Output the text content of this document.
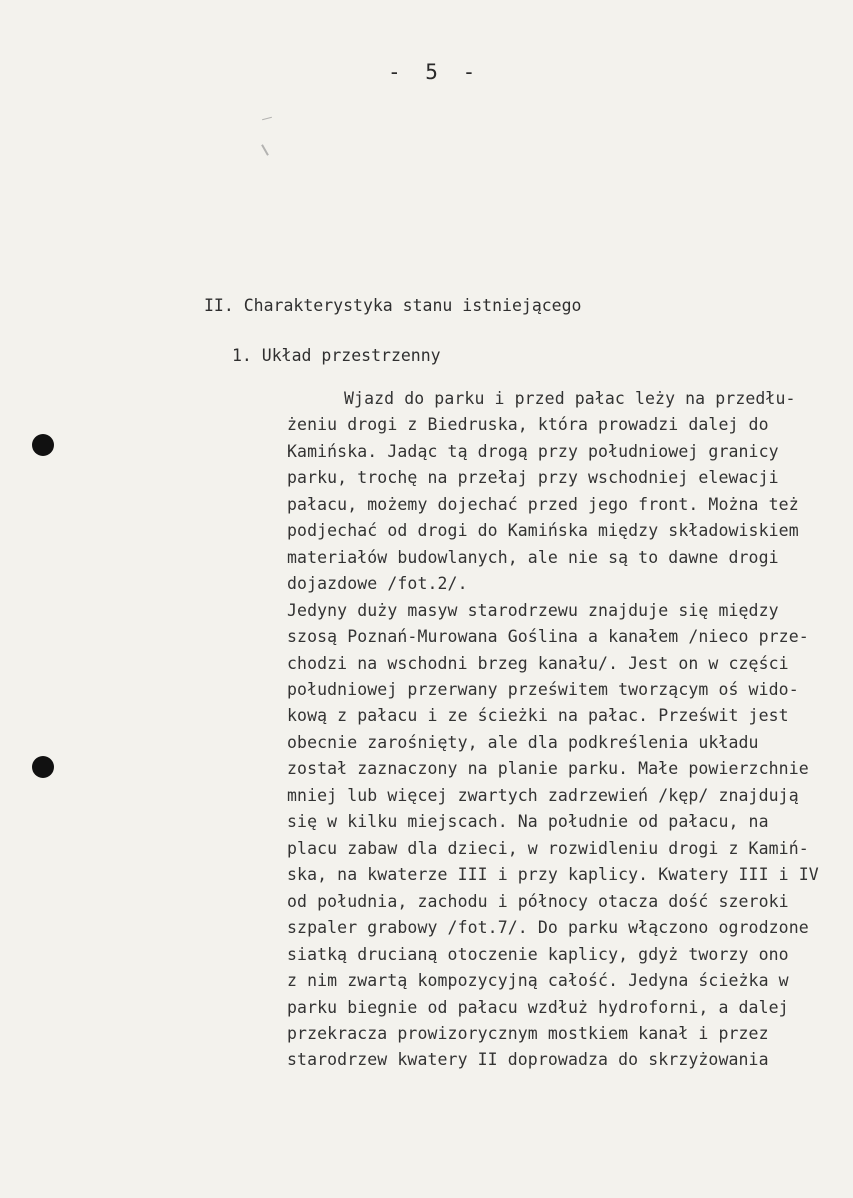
- 5 -
II. Charakterystyka stanu istniejącego
1. Układ przestrzenny
Wjazd do parku i przed pałac leży na przedłu-
żeniu drogi z Biedruska, która prowadzi dalej do
Kamińska. Jadąc tą drogą przy południowej granicy
parku, trochę na przełaj przy wschodniej elewacji
pałacu, możemy dojechać przed jego front. Można też
podjechać od drogi do Kamińska między składowiskiem
materiałów budowlanych, ale nie są to dawne drogi
dojazdowe /fot.2/.
Jedyny duży masyw starodrzewu znajduje się między
szosą Poznań-Murowana Goślina a kanałem /nieco prze-
chodzi na wschodni brzeg kanału/. Jest on w części
południowej przerwany prześwitem tworzącym oś wido-
kową z pałacu i ze ścieżki na pałac. Prześwit jest
obecnie zarośnięty, ale dla podkreślenia układu
został zaznaczony na planie parku. Małe powierzchnie
mniej lub więcej zwartych zadrzewień /kęp/ znajdują
się w kilku miejscach. Na południe od pałacu, na
placu zabaw dla dzieci, w rozwidleniu drogi z Kamiń-
ska, na kwaterze III i przy kaplicy. Kwatery III i IV
od południa, zachodu i północy otacza dość szeroki
szpaler grabowy /fot.7/. Do parku włączono ogrodzone
siatką drucianą otoczenie kaplicy, gdyż tworzy ono
z nim zwartą kompozycyjną całość. Jedyna ścieżka w
parku biegnie od pałacu wzdłuż hydroforni, a dalej
przekracza prowizorycznym mostkiem kanał i przez
starodrzew kwatery II doprowadza do skrzyżowania
